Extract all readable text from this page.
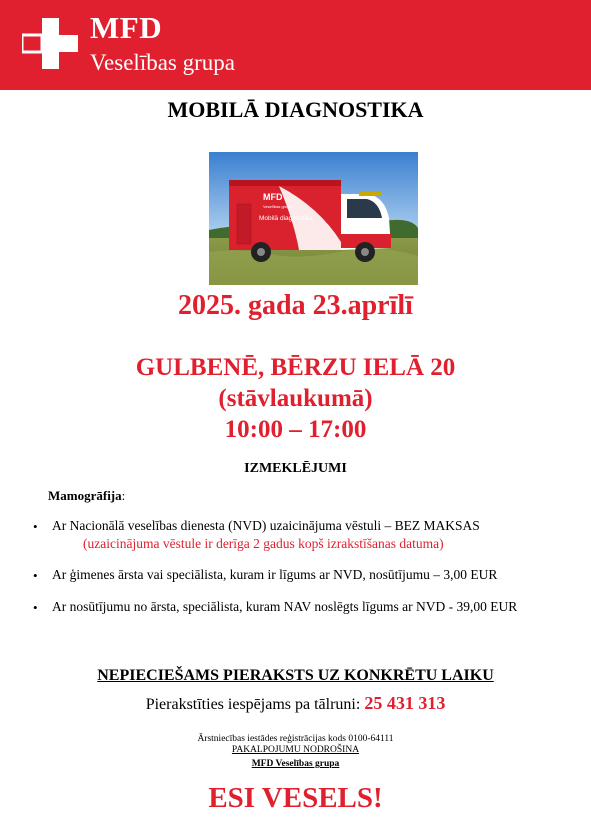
MFD
Veselības grupa
MOBILĀ DIAGNOSTIKA
MFD
Veselības grupa
Mobilā diagnostika
2025. gada 23.aprīlī
GULBENĒ, BĒRZU IELĀ 20
(stāvlaukumā)
10:00 – 17:00
IZMEKLĒJUMI
Mamogrāfija:
• Ar Nacionālā veselības dienesta (NVD) uzaicinājuma vēstuli – BEZ MAKSAS
(uzaicinājuma vēstule ir derīga 2 gadus kopš izrakstīšanas datuma)
• Ar ģimenes ārsta vai speciālista, kuram ir līgums ar NVD, nosūtījumu – 3,00 EUR
• Ar nosūtījumu no ārsta, speciālista, kuram NAV noslēgts līgums ar NVD - 39,00 EUR
NEPIECIEŠAMS PIERAKSTS UZ KONKRĒTU LAIKU
Pierakstīties iespējams pa tālruni: 25 431 313
Ārstniecības iestādes reģistrācijas kods 0100-64111
PAKALPOJUMU NODROŠINA
MFD Veselības grupa
ESI VESELS!
